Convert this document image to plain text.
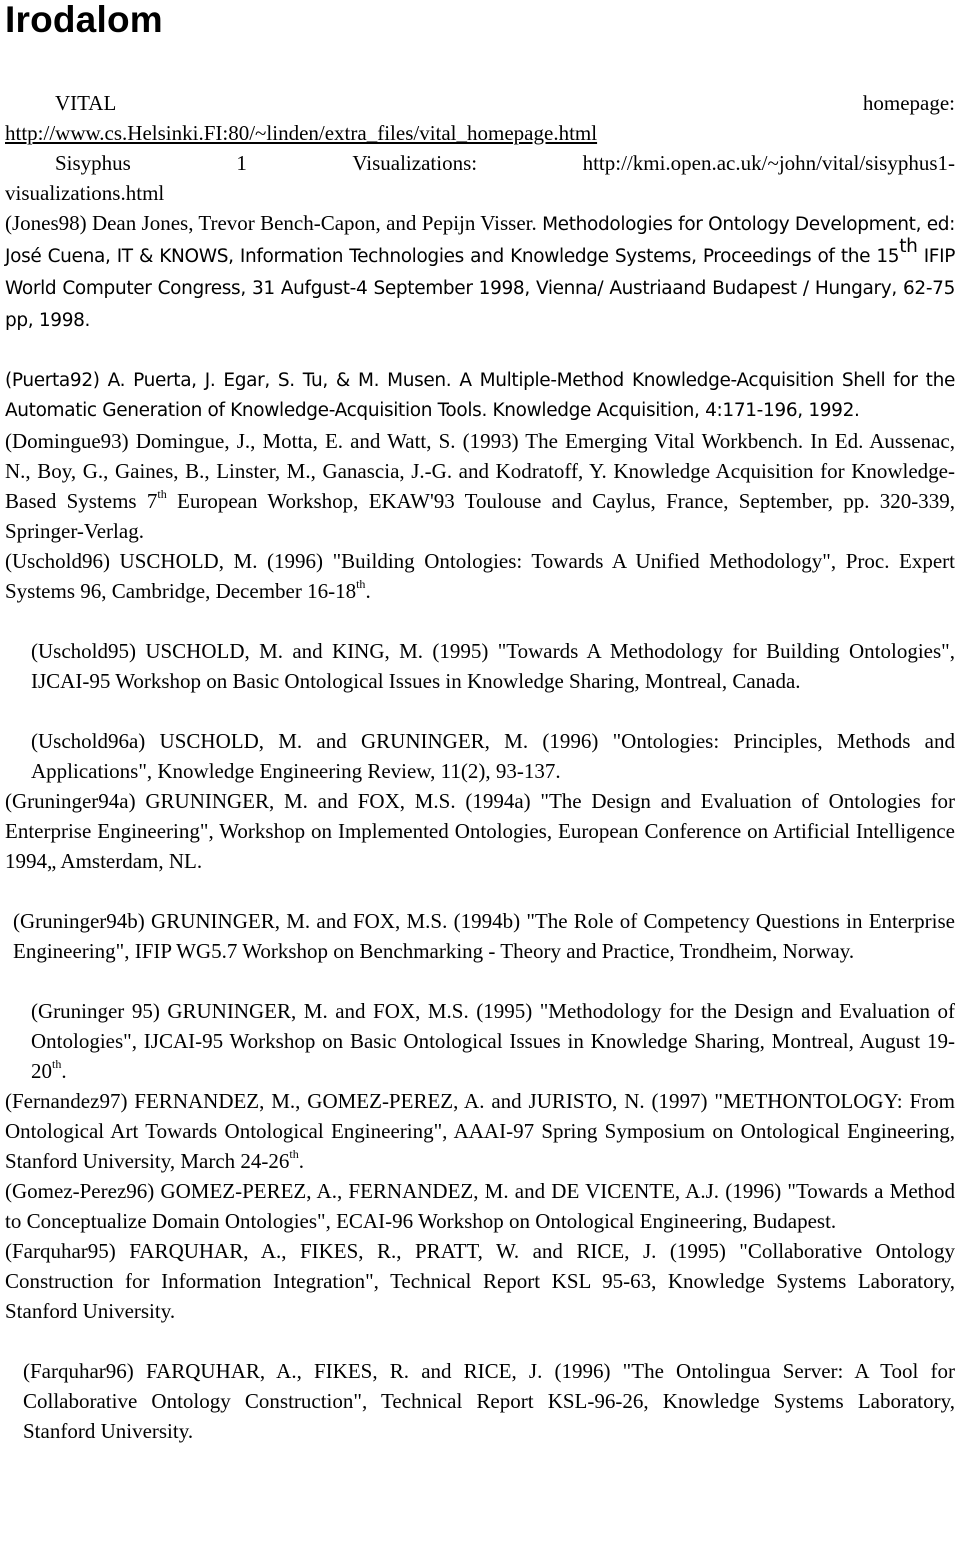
Irodalom
VITAL	homepage:
http://www.cs.Helsinki.FI:80/~linden/extra_files/vital_homepage.html
Sisyphus	1	Visualizations:	http://kmi.open.ac.uk/~john/vital/sisyphus1-
visualizations.html

(Jones98) Dean Jones, Trevor Bench-Capon, and Pepijn Visser. Methodologies for Ontology Development, ed: José Cuena, IT & KNOWS, Information Technologies and Knowledge Systems, Proceedings of the 15th IFIP World Computer Congress, 31 Aufgust-4 September 1998, Vienna/ Austriaand Budapest / Hungary, 62-75 pp, 1998.

(Puerta92) A. Puerta, J. Egar, S. Tu, & M. Musen. A Multiple-Method Knowledge-Acquisition Shell for the Automatic Generation of Knowledge-Acquisition Tools. Knowledge Acquisition, 4:171-196, 1992.

(Domingue93) Domingue, J., Motta, E. and Watt, S. (1993) The Emerging Vital Workbench. In Ed. Aussenac, N., Boy, G., Gaines, B., Linster, M., Ganascia, J.-G. and Kodratoff, Y. Knowledge Acquisition for Knowledge-Based Systems 7th European Workshop, EKAW'93 Toulouse and Caylus, France, September, pp. 320-339, Springer-Verlag.

(Uschold96) USCHOLD, M. (1996) "Building Ontologies: Towards A Unified Methodology", Proc. Expert Systems 96, Cambridge, December 16-18th.

(Uschold95) USCHOLD, M. and KING, M. (1995) "Towards A Methodology for Building Ontologies", IJCAI-95 Workshop on Basic Ontological Issues in Knowledge Sharing, Montreal, Canada.

(Uschold96a) USCHOLD, M. and GRUNINGER, M. (1996) "Ontologies: Principles, Methods and Applications", Knowledge Engineering Review, 11(2), 93-137.

(Gruninger94a) GRUNINGER, M. and FOX, M.S. (1994a) "The Design and Evaluation of Ontologies for Enterprise Engineering", Workshop on Implemented Ontologies, European Conference on Artificial Intelligence 1994„ Amsterdam, NL.

(Gruninger94b) GRUNINGER, M. and FOX, M.S. (1994b) "The Role of Competency Questions in Enterprise Engineering", IFIP WG5.7 Workshop on Benchmarking - Theory and Practice, Trondheim, Norway.

(Gruninger 95) GRUNINGER, M. and FOX, M.S. (1995) "Methodology for the Design and Evaluation of Ontologies", IJCAI-95 Workshop on Basic Ontological Issues in Knowledge Sharing, Montreal, August 19-20th.

(Fernandez97) FERNANDEZ, M., GOMEZ-PEREZ, A. and JURISTO, N. (1997) "METHONTOLOGY: From Ontological Art Towards Ontological Engineering", AAAI-97 Spring Symposium on Ontological Engineering, Stanford University, March 24-26th.

(Gomez-Perez96) GOMEZ-PEREZ, A., FERNANDEZ, M. and DE VICENTE, A.J. (1996) "Towards a Method to Conceptualize Domain Ontologies", ECAI-96 Workshop on Ontological Engineering, Budapest.

(Farquhar95) FARQUHAR, A., FIKES, R., PRATT, W. and RICE, J. (1995) "Collaborative Ontology Construction for Information Integration", Technical Report KSL 95-63, Knowledge Systems Laboratory, Stanford University.

(Farquhar96) FARQUHAR, A., FIKES, R. and RICE, J. (1996) "The Ontolingua Server: A Tool for Collaborative Ontology Construction", Technical Report KSL-96-26, Knowledge Systems Laboratory, Stanford University.
